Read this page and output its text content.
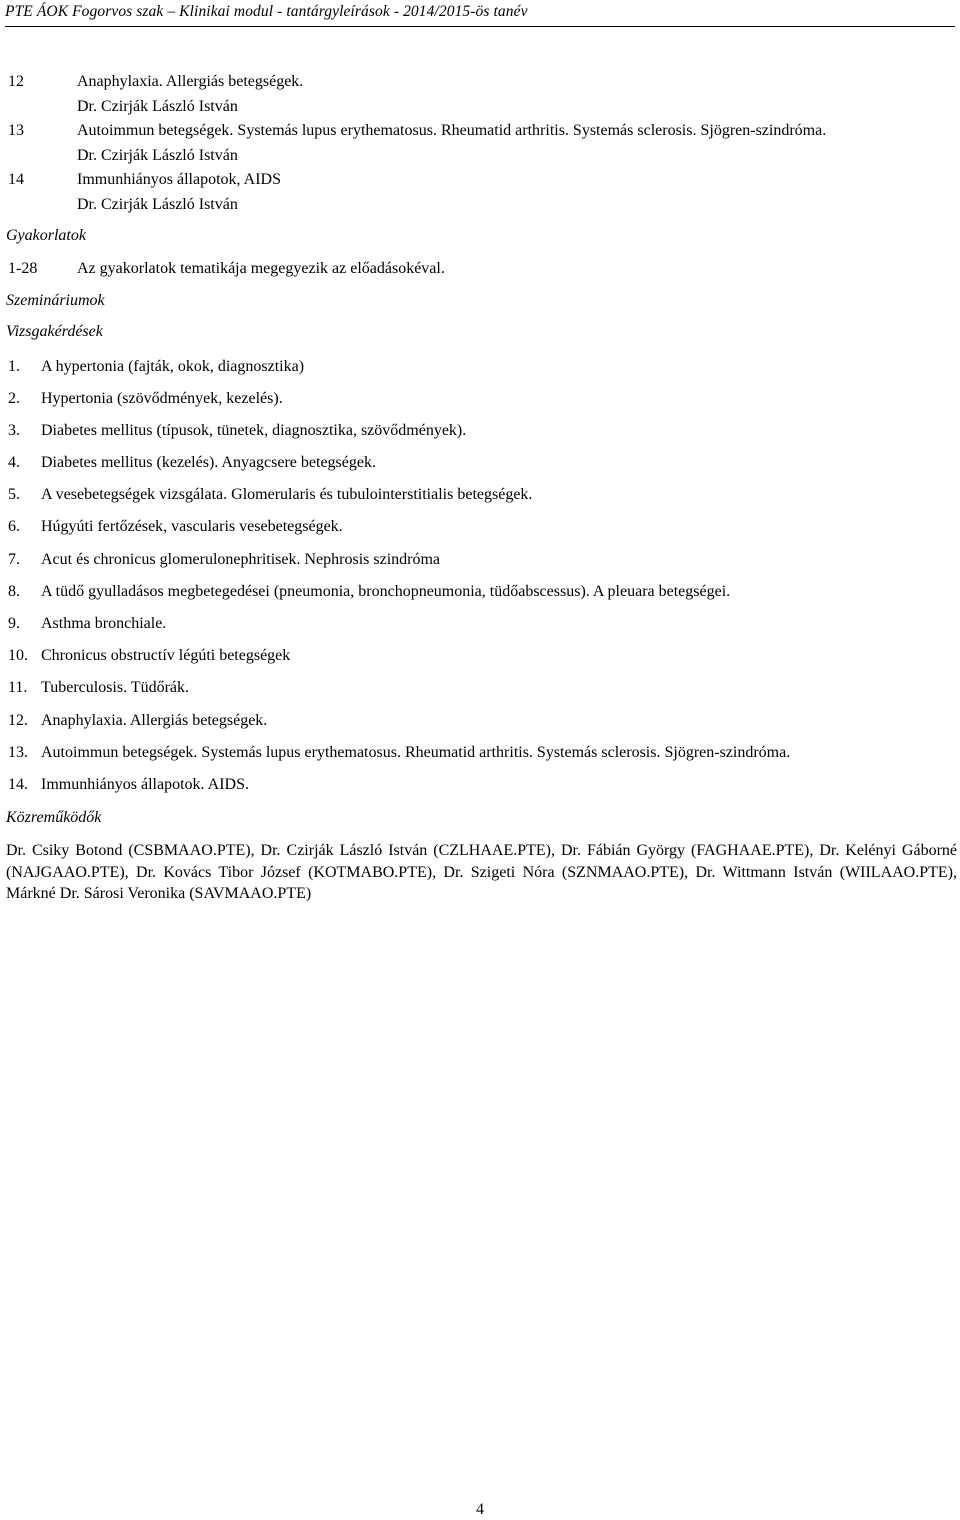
PTE ÁOK Fogorvos szak – Klinikai modul - tantárgyleírások - 2014/2015-ös tanév
12	Anaphylaxia. Allergiás betegségek.
Dr. Czirják László István
13	Autoimmun betegségek. Systemás lupus erythematosus. Rheumatid arthritis. Systemás sclerosis. Sjögren-szindróma.
Dr. Czirják László István
14	Immunhiányos állapotok, AIDS
Dr. Czirják László István
Gyakorlatok
1-28 Az gyakorlatok tematikája megegyezik az előadásokéval.
Szemináriumok
Vizsgakérdések
1. A hypertonia (fajták, okok, diagnosztika)
2. Hypertonia (szövődmények, kezelés).
3. Diabetes mellitus (típusok, tünetek, diagnosztika, szövődmények).
4. Diabetes mellitus (kezelés). Anyagcsere betegségek.
5. A vesebetegségek vizsgálata. Glomerularis és tubulointerstitialis betegségek.
6. Húgyúti fertőzések, vascularis vesebetegségek.
7. Acut és chronicus glomerulonephritisek. Nephrosis szindróma
8. A tüdő gyulladásos megbetegedései (pneumonia, bronchopneumonia, tüdőabscessus). A pleuara betegségei.
9. Asthma bronchiale.
10. Chronicus obstructív légúti betegségek
11. Tuberculosis. Tüdőrák.
12. Anaphylaxia. Allergiás betegségek.
13. Autoimmun betegségek. Systemás lupus erythematosus. Rheumatid arthritis. Systemás sclerosis. Sjögren-szindróma.
14. Immunhiányos állapotok. AIDS.
Közreműködők
Dr. Csiky Botond (CSBMAAO.PTE), Dr. Czirják László István (CZLHAAE.PTE), Dr. Fábián György (FAGHAAE.PTE), Dr. Kelényi Gáborné (NAJGAAO.PTE), Dr. Kovács Tibor József (KOTMABO.PTE), Dr. Szigeti Nóra (SZNMAAO.PTE), Dr. Wittmann István (WIILAAO.PTE), Márkné Dr. Sárosi Veronika (SAVMAAO.PTE)
4
